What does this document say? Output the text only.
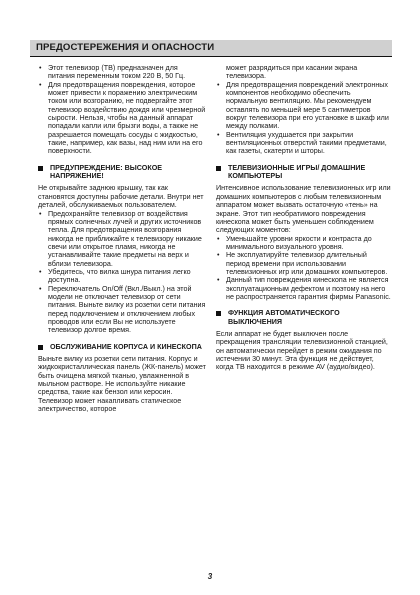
ПРЕДОСТЕРЕЖЕНИЯ И ОПАСНОСТИ
• Этот телевизор (ТВ) предназначен для питания переменным током 220 В, 50 Гц.
• Для предотвращения повреждения, которое может привести к поражению электрическим током или возгоранию, не подвергайте этот телевизор воздействию дождя или чрезмерной сырости. Нельзя, чтобы на данный аппарат попадали капли или брызги воды, а также не разрешается помещать сосуды с жидкостью, такие, например, как вазы, над ним или на его поверхности.

ПРЕДУПРЕЖДЕНИЕ: ВЫСОКОЕ НАПРЯЖЕНИЕ!

Не открывайте заднюю крышку, так как становятся доступны рабочие детали. Внутри нет деталей, обслуживаемых пользователем.

• Предохраняйте телевизор от воздействия прямых солнечных лучей и других источников тепла. Для предотвращения возгорания никогда не приближайте к телевизору никакие свечи или открытое пламя, никогда не устанавливайте такие предметы на верх и вблизи телевизора.
• Убедитесь, что вилка шнура питания легко доступна.
• Переключатель On/Off (Вкл./Выкл.) на этой модели не отключает телевизор от сети питания. Выньте вилку из розетки сети питания перед подключением и отключением любых проводов или если Вы не используете телевизор долгое время.

ОБСЛУЖИВАНИЕ КОРПУСА И КИНЕСКОПА

Выньте вилку из розетки сети питания. Корпус и жидкокристаллическая панель (ЖК-панель) может быть очищена мягкой тканью, увлажненной в мыльном растворе. Не используйте никакие средства, такие как бензол или керосин. Телевизор может накапливать статическое электричество, которое

может разрядиться при касании экрана телевизора.

• Для предотвращения повреждений электронных компонентов необходимо обеспечить нормальную вентиляцию. Мы рекомендуем оставлять по меньшей мере 5 сантиметров вокруг телевизора при его установке в шкаф или между полками.
• Вентиляция ухудшается при закрытии вентиляционных отверстий такими предметами, как газеты, скатерти и шторы.

ТЕЛЕВИЗИОННЫЕ ИГРЫ/ ДОМАШНИЕ КОМПЬЮТЕРЫ

Интенсивное использование телевизионных игр или домашних компьютеров с любым телевизионным аппаратом может вызвать остаточную «тень» на экране. Этот тип необратимого повреждения кинескопа может быть уменьшен соблюдением следующих моментов:

• Уменьшайте уровни яркости и контраста до минимального визуального уровня.
• Не эксплуатируйте телевизор длительный период времени при использовании телевизионных игр или домашних компьютеров.
• Данный тип повреждения кинескопа не является эксплуатационным дефектом и поэтому на него не распространяется гарантия фирмы Panasonic.

ФУНКЦИЯ АВТОМАТИЧЕСКОГО ВЫКЛЮЧЕНИЯ

Если аппарат не будет выключен после прекращения трансляции телевизионной станцией, он автоматически перейдет в режим ожидания по истечении 30 минут. Эта функция не действует, когда ТВ находится в режиме AV (аудио/видео).

3
